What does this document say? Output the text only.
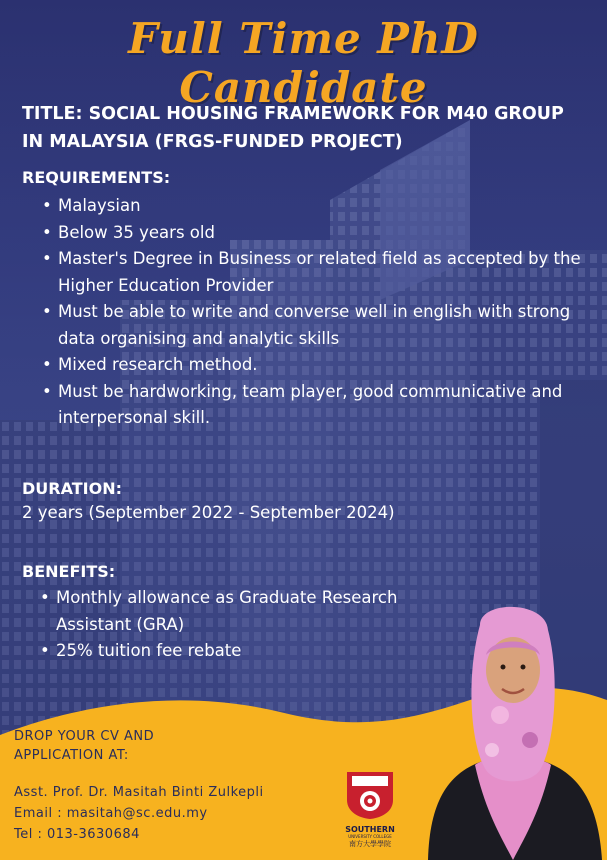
Full Time PhD Candidate
TITLE: SOCIAL HOUSING FRAMEWORK FOR M40 GROUP IN MALAYSIA (FRGS-FUNDED PROJECT)
REQUIREMENTS:
• Malaysian
• Below 35 years old
• Master's Degree in Business or related field as accepted by the Higher Education Provider
• Must be able to write and converse well in english with strong data organising and analytic skills
• Mixed research method.
• Must be hardworking, team player, good communicative and interpersonal skill.
DURATION:
2 years (September 2022 - September 2024)
BENEFITS:
• Monthly allowance as Graduate Research Assistant (GRA)
• 25% tuition fee rebate
DROP YOUR CV AND APPLICATION AT:
Asst. Prof. Dr. Masitah Binti Zulkepli
Email : masitah@sc.edu.my
Tel : 013-3630684	SOUTHERN
UNIVERSITY COLLEGE
南方大學學院
